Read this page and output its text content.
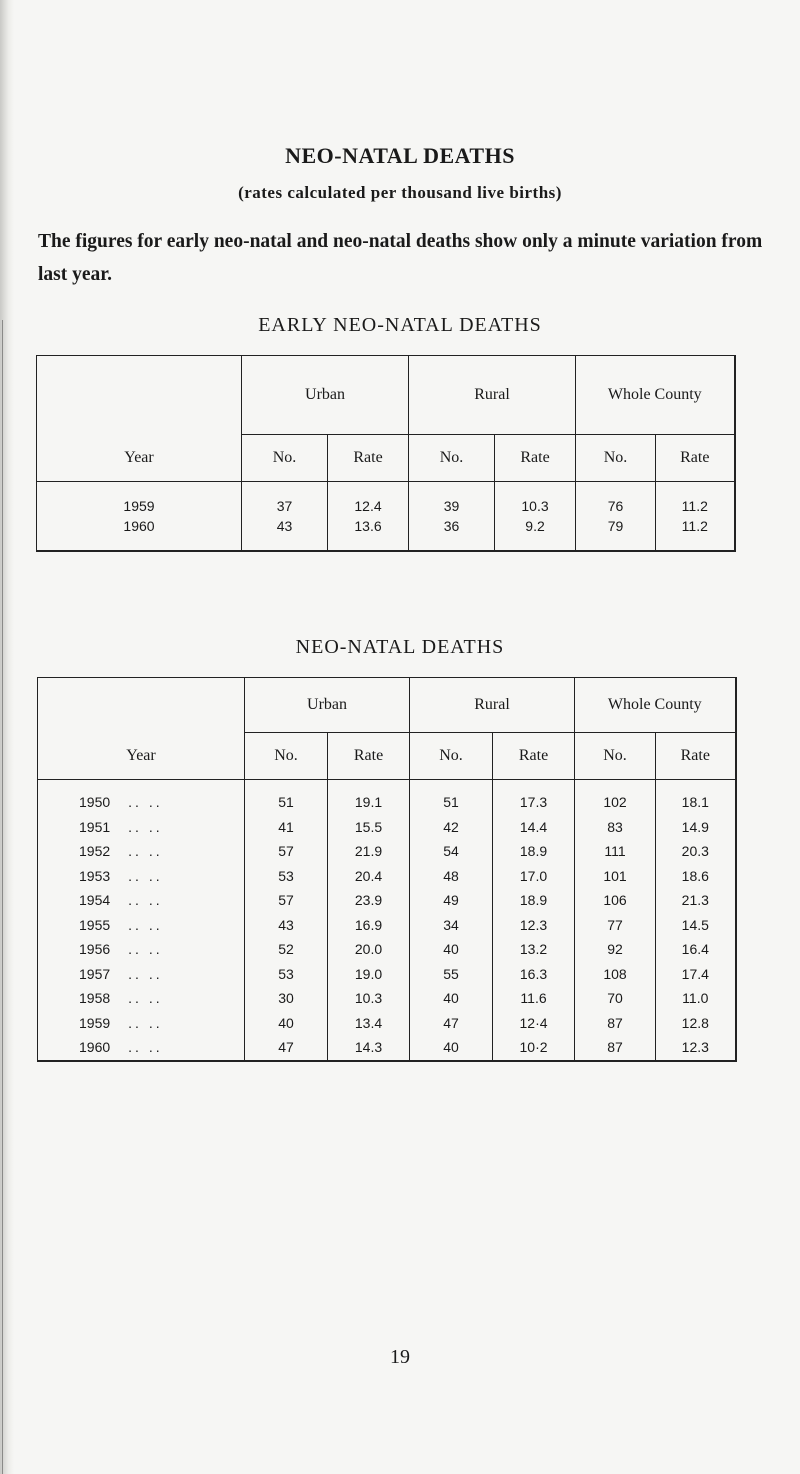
NEO-NATAL DEATHS
(rates calculated per thousand live births)
The figures for early neo-natal and neo-natal deaths show only a minute variation from last year.
EARLY NEO-NATAL DEATHS
Year	Urban		Rural		Whole County	
	No.	Rate	No.	Rate	No.	Rate
1959	37	12.4	39	10.3	76	11.2
1960	43	13.6	36	9.2	79	11.2
NEO-NATAL DEATHS
Year	Urban		Rural		Whole County	
	No.	Rate	No.	Rate	No.	Rate
1950 .. ..	51	19.1	51	17.3	102	18.1
1951 .. ..	41	15.5	42	14.4	83	14.9
1952 .. ..	57	21.9	54	18.9	111	20.3
1953 .. ..	53	20.4	48	17.0	101	18.6
1954 .. ..	57	23.9	49	18.9	106	21.3
1955 .. ..	43	16.9	34	12.3	77	14.5
1956 .. ..	52	20.0	40	13.2	92	16.4
1957 .. ..	53	19.0	55	16.3	108	17.4
1958 .. ..	30	10.3	40	11.6	70	11.0
1959 .. ..	40	13.4	47	12·4	87	12.8
1960 .. ..	47	14.3	40	10·2	87	12.3
19
